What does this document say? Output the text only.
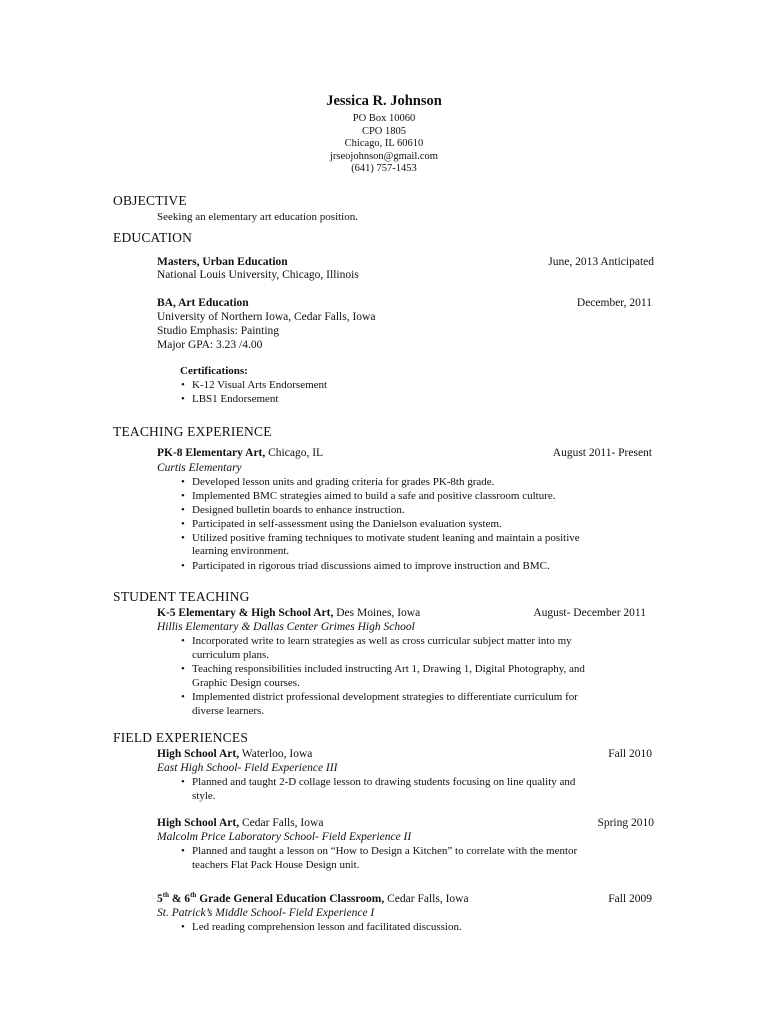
Jessica R. Johnson
PO Box 10060
CPO 1805
Chicago, IL 60610
jrseojohnson@gmail.com
(641) 757-1453
OBJECTIVE
Seeking an elementary art education position.
EDUCATION
Masters, Urban Education	June, 2013 Anticipated
National Louis University, Chicago, Illinois
BA, Art Education	December, 2011
University of Northern Iowa, Cedar Falls, Iowa
Studio Emphasis: Painting
Major GPA: 3.23 /4.00
Certifications:
• K-12 Visual Arts Endorsement
• LBS1 Endorsement
TEACHING EXPERIENCE
PK-8 Elementary Art, Chicago, IL	August 2011- Present
Curtis Elementary
• Developed lesson units and grading criteria for grades PK-8th grade.
• Implemented BMC strategies aimed to build a safe and positive classroom culture.
• Designed bulletin boards to enhance instruction.
• Participated in self-assessment using the Danielson evaluation system.
• Utilized positive framing techniques to motivate student leaning and maintain a positive
learning environment.
• Participated in rigorous triad discussions aimed to improve instruction and BMC.
STUDENT TEACHING
K-5 Elementary & High School Art, Des Moines, Iowa	August- December 2011
Hillis Elementary & Dallas Center Grimes High School
• Incorporated write to learn strategies as well as cross curricular subject matter into my
curriculum plans.
• Teaching responsibilities included instructing Art 1, Drawing 1, Digital Photography, and
Graphic Design courses.
• Implemented district professional development strategies to differentiate curriculum for
diverse learners.
FIELD EXPERIENCES
High School Art, Waterloo, Iowa	Fall 2010
East High School- Field Experience III
• Planned and taught 2-D collage lesson to drawing students focusing on line quality and
style.
High School Art, Cedar Falls, Iowa	Spring 2010
Malcolm Price Laboratory School- Field Experience II
• Planned and taught a lesson on “How to Design a Kitchen” to correlate with the mentor
teachers Flat Pack House Design unit.
5th & 6th Grade General Education Classroom, Cedar Falls, Iowa	Fall 2009
St. Patrick’s Middle School- Field Experience I
• Led reading comprehension lesson and facilitated discussion.
